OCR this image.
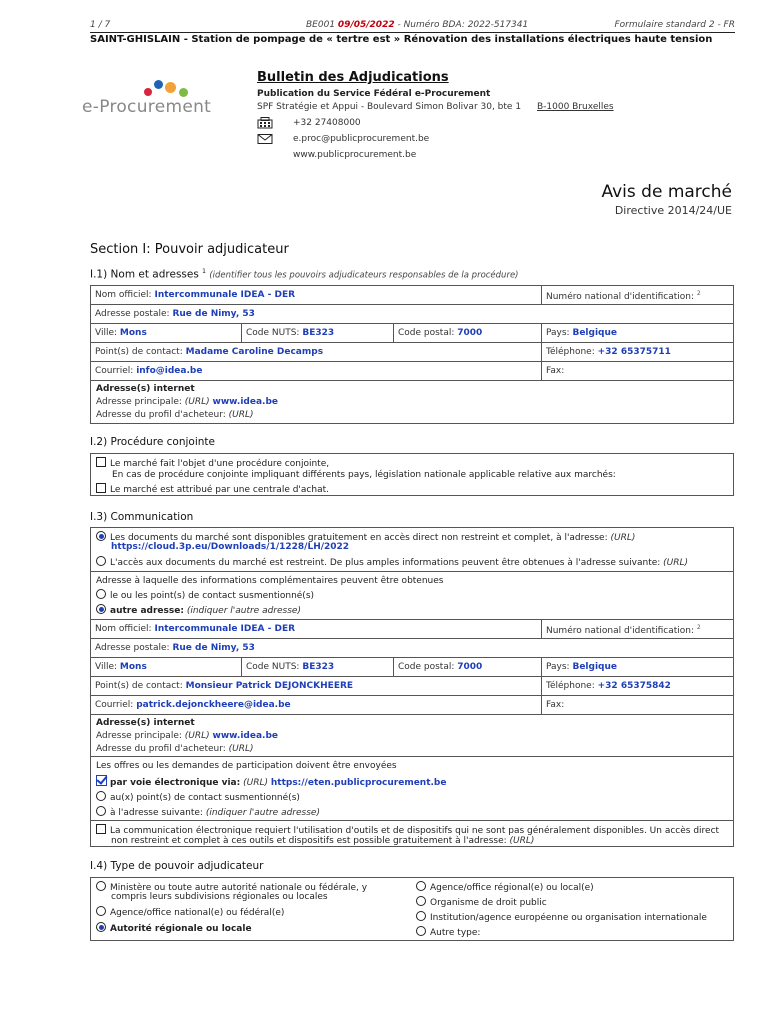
1 / 7	BE001 09/05/2022 - Numéro BDA: 2022-517341	Formulaire standard 2 - FR
SAINT-GHISLAIN - Station de pompage de « tertre est » Rénovation des installations électriques haute tension
e-Procurement
Bulletin des Adjudications
Publication du Service Fédéral e-Procurement
SPF Stratégie et Appui - Boulevard Simon Bolivar 30, bte 1 B-1000 Bruxelles
+32 27408000
e.proc@publicprocurement.be
www.publicprocurement.be
Avis de marché
Directive 2014/24/UE
Section I: Pouvoir adjudicateur
I.1) Nom et adresses $^1$ (identifier tous les pouvoirs adjudicateurs responsables de la procédure)
Nom officiel: Intercommunale IDEA - DER	Numéro national d'identification: $^2$
Adresse postale: Rue de Nimy, 53
Ville: Mons	Code NUTS: BE323	Code postal: 7000	Pays: Belgique
Point(s) de contact: Madame Caroline Decamps	Téléphone: +32 65375711
Courriel: info@idea.be	Fax:
Adresse(s) internet
Adresse principale: (URL) www.idea.be
Adresse du profil d'acheteur: (URL)
I.2) Procédure conjointe
Le marché fait l'objet d'une procédure conjointe,
En cas de procédure conjointe impliquant différents pays, législation nationale applicable relative aux marchés:
Le marché est attribué par une centrale d'achat.
I.3) Communication
Les documents du marché sont disponibles gratuitement en accès direct non restreint et complet, à l'adresse: (URL)
https://cloud.3p.eu/Downloads/1/1228/LH/2022
L'accès aux documents du marché est restreint. De plus amples informations peuvent être obtenues à l'adresse suivante: (URL)
Adresse à laquelle des informations complémentaires peuvent être obtenues
le ou les point(s) de contact susmentionné(s)
autre adresse: (indiquer l'autre adresse)
Nom officiel: Intercommunale IDEA - DER	Numéro national d'identification: $^2$
Adresse postale: Rue de Nimy, 53
Ville: Mons	Code NUTS: BE323	Code postal: 7000	Pays: Belgique
Point(s) de contact: Monsieur Patrick DEJONCKHEERE	Téléphone: +32 65375842
Courriel: patrick.dejonckheere@idea.be	Fax:
Adresse(s) internet
Adresse principale: (URL) www.idea.be
Adresse du profil d'acheteur: (URL)
Les offres ou les demandes de participation doivent être envoyées
par voie électronique via: (URL) https://eten.publicprocurement.be
au(x) point(s) de contact susmentionné(s)
à l'adresse suivante: (indiquer l'autre adresse)
La communication électronique requiert l'utilisation d'outils et de dispositifs qui ne sont pas généralement disponibles. Un accès direct
non restreint et complet à ces outils et dispositifs est possible gratuitement à l'adresse: (URL)
I.4) Type de pouvoir adjudicateur
Ministère ou toute autre autorité nationale ou fédérale, y
compris leurs subdivisions régionales ou locales
Agence/office national(e) ou fédéral(e)
Autorité régionale ou locale
Agence/office régional(e) ou local(e)
Organisme de droit public
Institution/agence européenne ou organisation internationale
Autre type:
